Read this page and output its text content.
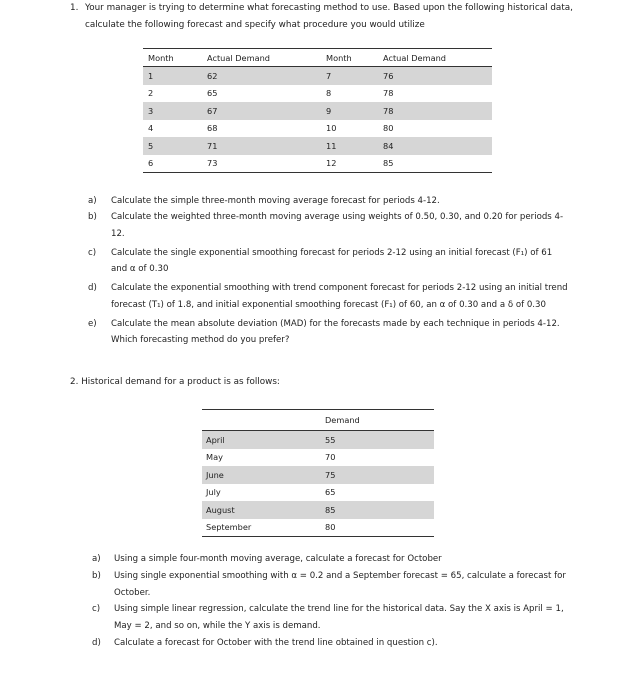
1. Your manager is trying to determine what forecasting method to use. Based upon the following historical data, calculate the following forecast and specify what procedure you would utilize
Month	Actual Demand	Month	Actual Demand
1	62	7	76
2	65	8	78
3	67	9	78
4	68	10	80
5	71	11	84
6	73	12	85
a)	Calculate the simple three-month moving average forecast for periods 4-12.
b)	Calculate the weighted three-month moving average using weights of 0.50, 0.30, and 0.20 for periods 4-12.
c)	Calculate the single exponential smoothing forecast for periods 2-12 using an initial forecast (F₁) of 61 and α of 0.30
d)	Calculate the exponential smoothing with trend component forecast for periods 2-12 using an initial trend forecast (T₁) of 1.8, and initial exponential smoothing forecast (F₁) of 60, an α of 0.30 and a δ of 0.30
e)	Calculate the mean absolute deviation (MAD) for the forecasts made by each technique in periods 4-12. Which forecasting method do you prefer?
2. Historical demand for a product is as follows:
	Demand
April	55
May	70
June	75
July	65
August	85
September	80
a)	Using a simple four-month moving average, calculate a forecast for October
b)	Using single exponential smoothing with α = 0.2 and a September forecast = 65, calculate a forecast for October.
c)	Using simple linear regression, calculate the trend line for the historical data. Say the X axis is April = 1, May = 2, and so on, while the Y axis is demand.
d)	Calculate a forecast for October with the trend line obtained in question c).
